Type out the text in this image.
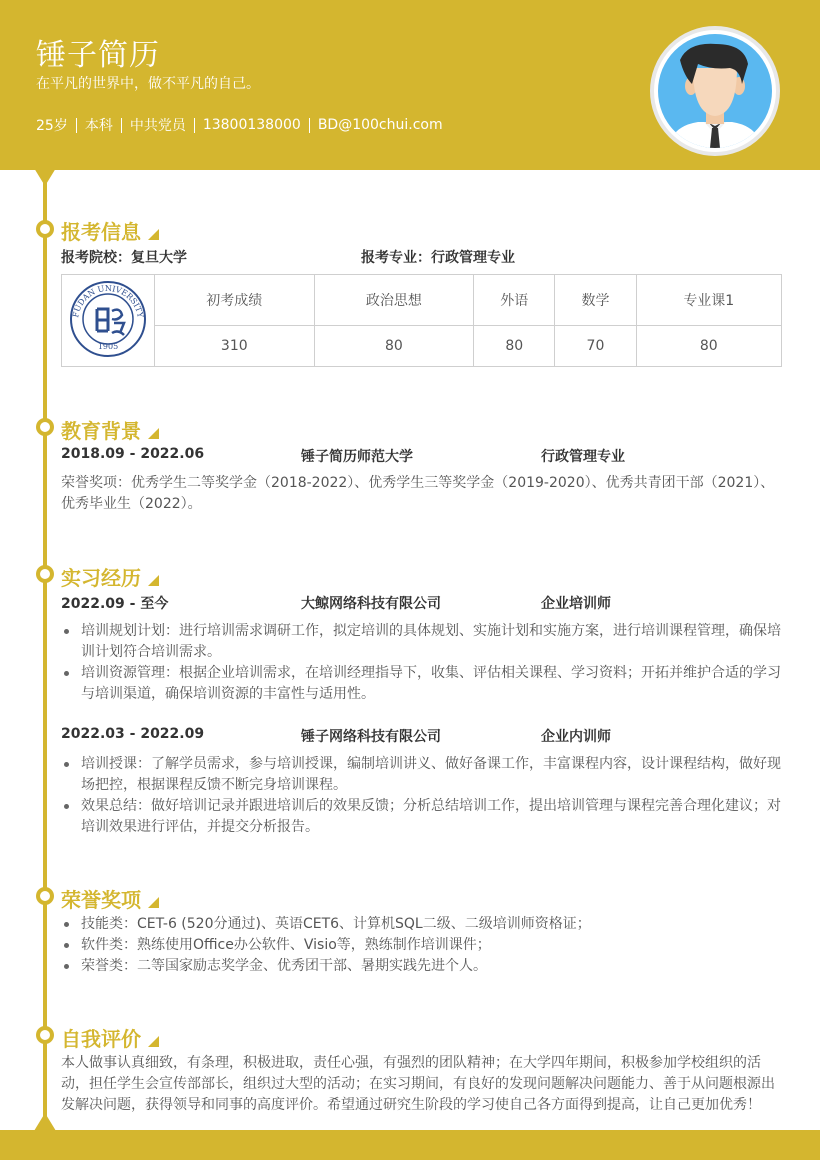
锤子简历
在平凡的世界中，做不平凡的自己。
25岁 本科 中共党员 13800138000 BD@100chui.com
报考信息
报考院校：复旦大学	报考专业：行政管理专业
FUDAN UNIVERSITY
1905	初考成绩	政治思想	外语	数学	专业课1
	310	80	80	70	80
教育背景
2018.09 - 2022.06	锤子简历师范大学	行政管理专业
荣誉奖项：优秀学生二等奖学金（2018-2022）、优秀学生三等奖学金（2019-2020）、优秀共青团干部（2021）、优秀毕业生（2022）。
实习经历
2022.09 - 至今	大鲸网络科技有限公司	企业培训师
培训规划计划：进行培训需求调研工作，拟定培训的具体规划、实施计划和实施方案，进行培训课程管理，确保培训计划符合培训需求。
培训资源管理：根据企业培训需求，在培训经理指导下，收集、评估相关课程、学习资料；开拓并维护合适的学习与培训渠道，确保培训资源的丰富性与适用性。
2022.03 - 2022.09	锤子网络科技有限公司	企业内训师
培训授课：了解学员需求，参与培训授课，编制培训讲义、做好备课工作，丰富课程内容，设计课程结构，做好现场把控，根据课程反馈不断完身培训课程。
效果总结：做好培训记录并跟进培训后的效果反馈；分析总结培训工作，提出培训管理与课程完善合理化建议；对培训效果进行评估，并提交分析报告。
荣誉奖项
技能类：CET-6 (520分通过)、英语CET6、计算机SQL二级、二级培训师资格证；
软件类：熟练使用Office办公软件、Visio等，熟练制作培训课件；
荣誉类：二等国家励志奖学金、优秀团干部、暑期实践先进个人。
自我评价
本人做事认真细致，有条理，积极进取，责任心强，有强烈的团队精神；在大学四年期间，积极参加学校组织的活动，担任学生会宣传部部长，组织过大型的活动；在实习期间，有良好的发现问题解决问题能力、善于从问题根源出发解决问题，获得领导和同事的高度评价。希望通过研究生阶段的学习使自己各方面得到提高，让自己更加优秀！
